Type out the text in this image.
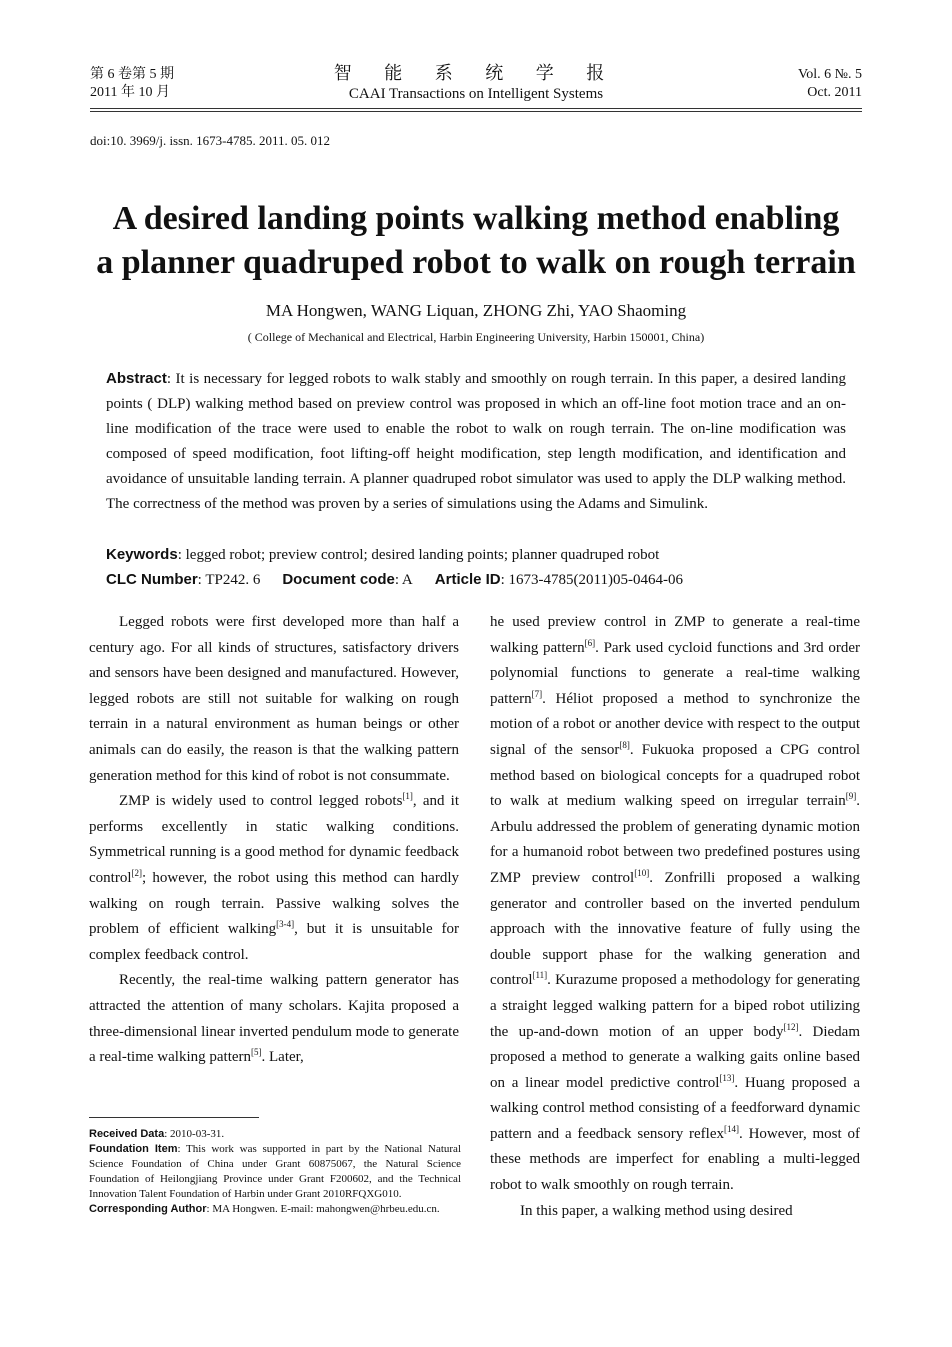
第 6 卷第 5 期
2011 年 10 月
智 能 系 统 学 报
CAAI Transactions on Intelligent Systems
Vol. 6 №. 5
Oct. 2011
doi:10. 3969/j. issn. 1673-4785. 2011. 05. 012
A desired landing points walking method enabling
a planner quadruped robot to walk on rough terrain
MA Hongwen, WANG Liquan, ZHONG Zhi, YAO Shaoming
( College of Mechanical and Electrical, Harbin Engineering University, Harbin 150001, China)

Abstract: It is necessary for legged robots to walk stably and smoothly on rough terrain. In this paper, a desired landing points ( DLP) walking method based on preview control was proposed in which an off-line foot motion trace and an on-line modification of the trace were used to enable the robot to walk on rough terrain. The on-line modification was composed of speed modification, foot lifting-off height modification, step length modification, and identification and avoidance of unsuitable landing terrain. A planner quadruped robot simulator was used to apply the DLP walking method. The correctness of the method was proven by a series of simulations using the Adams and Simulink.

Keywords: legged robot; preview control; desired landing points; planner quadruped robot

CLC Number: TP242. 6 Document code: A Article ID: 1673-4785(2011)05-0464-06

Legged robots were first developed more than half a century ago. For all kinds of structures, satisfactory drivers and sensors have been designed and manufactured. However, legged robots are still not suitable for walking on rough terrain in a natural environment as human beings or other animals can do easily, the reason is that the walking pattern generation method for this kind of robot is not consummate.

ZMP is widely used to control legged robots[1], and it performs excellently in static walking conditions. Symmetrical running is a good method for dynamic feedback control[2]; however, the robot using this method can hardly walking on rough terrain. Passive walking solves the problem of efficient walking[3-4], but it is unsuitable for complex feedback control.

Recently, the real-time walking pattern generator has attracted the attention of many scholars. Kajita proposed a three-dimensional linear inverted pendulum mode to generate a real-time walking pattern[5]. Later,

he used preview control in ZMP to generate a real-time walking pattern[6]. Park used cycloid functions and 3rd order polynomial functions to generate a real-time walking pattern[7]. Héliot proposed a method to synchronize the motion of a robot or another device with respect to the output signal of the sensor[8]. Fukuoka proposed a CPG control method based on biological concepts for a quadruped robot to walk at medium walking speed on irregular terrain[9]. Arbulu addressed the problem of generating dynamic motion for a humanoid robot between two predefined postures using ZMP preview control[10]. Zonfrilli proposed a walking generator and controller based on the inverted pendulum approach with the innovative feature of fully using the double support phase for the walking generation and control[11]. Kurazume proposed a methodology for generating a straight legged walking pattern for a biped robot utilizing the up-and-down motion of an upper body[12]. Diedam proposed a method to generate a walking gaits online based on a linear model predictive control[13]. Huang proposed a walking control method consisting of a feedforward dynamic pattern and a feedback sensory reflex[14]. However, most of these methods are imperfect for enabling a multi-legged robot to walk smoothly on rough terrain.

In this paper, a walking method using desired

Received Data: 2010-03-31.

Foundation Item: This work was supported in part by the National Natural Science Foundation of China under Grant 60875067, the Natural Science Foundation of Heilongjiang Province under Grant F200602, and the Technical Innovation Talent Foundation of Harbin under Grant 2010RFQXG010.

Corresponding Author: MA Hongwen. E-mail: mahongwen@hrbeu.edu.cn.
